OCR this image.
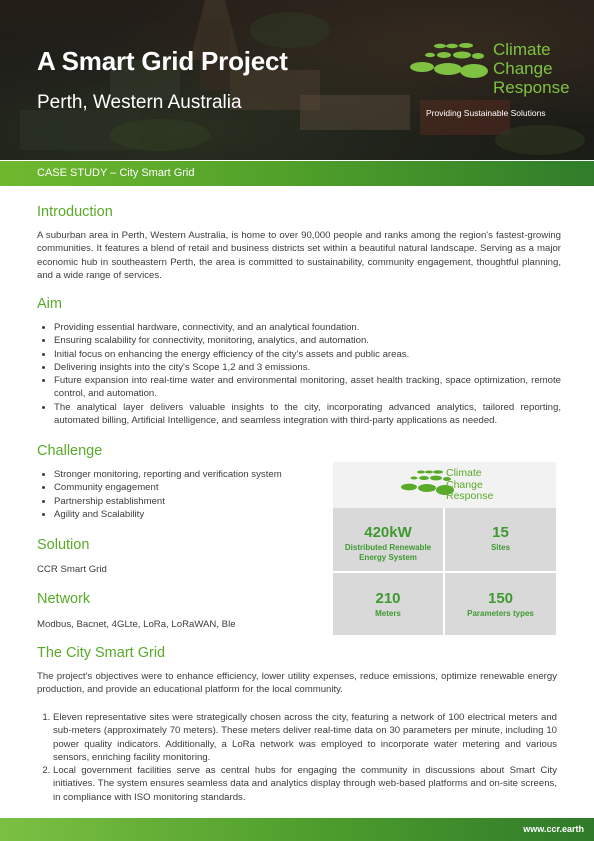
A Smart Grid Project
Perth, Western Australia
Climate
Change
Response
Providing Sustainable Solutions
CASE STUDY – City Smart Grid
Introduction

A suburban area in Perth, Western Australia, is home to over 90,000 people and ranks among the region's fastest-growing communities. It features a blend of retail and business districts set within a beautiful natural landscape. Serving as a major economic hub in southeastern Perth, the area is committed to sustainability, community engagement, thoughtful planning, and a wide range of services.

Aim
• Providing essential hardware, connectivity, and an analytical foundation.
• Ensuring scalability for connectivity, monitoring, analytics, and automation.
• Initial focus on enhancing the energy efficiency of the city's assets and public areas.
• Delivering insights into the city's Scope 1,2 and 3 emissions.
• Future expansion into real-time water and environmental monitoring, asset health tracking, space optimization, remote control, and automation.
• The analytical layer delivers valuable insights to the city, incorporating advanced analytics, tailored reporting, automated billing, Artificial Intelligence, and seamless integration with third-party applications as needed.
Challenge
• Stronger monitoring, reporting and verification system
• Community engagement
• Partnership establishment
• Agility and Scalability
Solution

CCR Smart Grid

Network

Modbus, Bacnet, 4GLte, LoRa, LoRaWAN, Ble

Climate
Change
Response
420kW
Distributed Renewable Energy System
15
Sites
210
Meters
150
Parameters types
The City Smart Grid

The project's objectives were to enhance efficiency, lower utility expenses, reduce emissions, optimize renewable energy production, and provide an educational platform for the local community.

1. Eleven representative sites were strategically chosen across the city, featuring a network of 100 electrical meters and sub-meters (approximately 70 meters). These meters deliver real-time data on 30 parameters per minute, including 10 power quality indicators. Additionally, a LoRa network was employed to incorporate water metering and various sensors, enriching facility monitoring.
2. Local government facilities serve as central hubs for engaging the community in discussions about Smart City initiatives. The system ensures seamless data and analytics display through web-based platforms and on-site screens, in compliance with ISO monitoring standards.
www.ccr.earth
